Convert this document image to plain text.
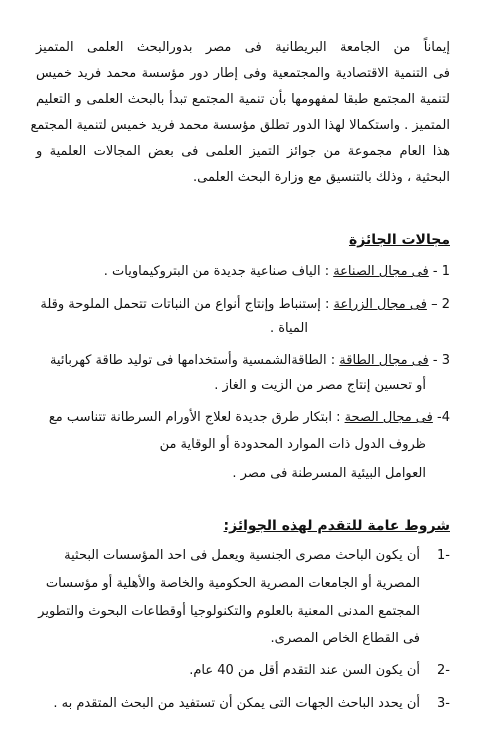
إيماناً من الجامعة البريطانية فى مصر بدورالبحث العلمى المتميز
فى التنمية الاقتصادية والمجتمعية وفى إطار دور مؤسسة محمد فريد خميس
لتنمية المجتمع طبقا لمفهومها بأن تنمية المجتمع تبدأ بالبحث العلمى و التعليم
المتميز . واستكمالا لهذا الدور تطلق مؤسسة محمد فريد خميس لتنمية المجتمع
هذا العام مجموعة من جوائز التميز العلمى فى بعض المجالات العلمية و
البحثية ، وذلك بالتنسيق مع وزارة البحث العلمى.
مجالات الجائزة
1 - فى مجال الصناعة : الياف صناعية جديدة من البتروكيماويات .
2 – فى مجال الزراعة : إستنباط وإنتاج أنواع من النباتات تتحمل الملوحة وقلة
المياة .
3 - فى مجال الطاقة : الطاقةالشمسية وأستخدامها فى توليد طاقة كهربائية
أو تحسين إنتاج مصر من الزيت و الغاز .
4- فى مجال الصحة : ابتكار طرق جديدة لعلاج الأورام السرطانة تتناسب مع
ظروف الدول ذات الموارد المحدودة أو الوقاية من
العوامل البيئية المسرطنة فى مصر .
شروط عامة للتقدم لهذه الجوائز:
-1
أن يكون الباحث مصرى الجنسية ويعمل فى احد المؤسسات البحثية
المصرية أو الجامعات المصرية الحكومية والخاصة والأهلية أو مؤسسات
المجتمع المدنى المعنية بالعلوم والتكنولوجيا أوقطاعات البحوث والتطوير
فى القطاع الخاص المصرى.
-2
أن يكون السن عند التقدم أقل من 40 عام.
-3
أن يحدد الباحث الجهات التى يمكن أن تستفيد من البحث المتقدم به .
